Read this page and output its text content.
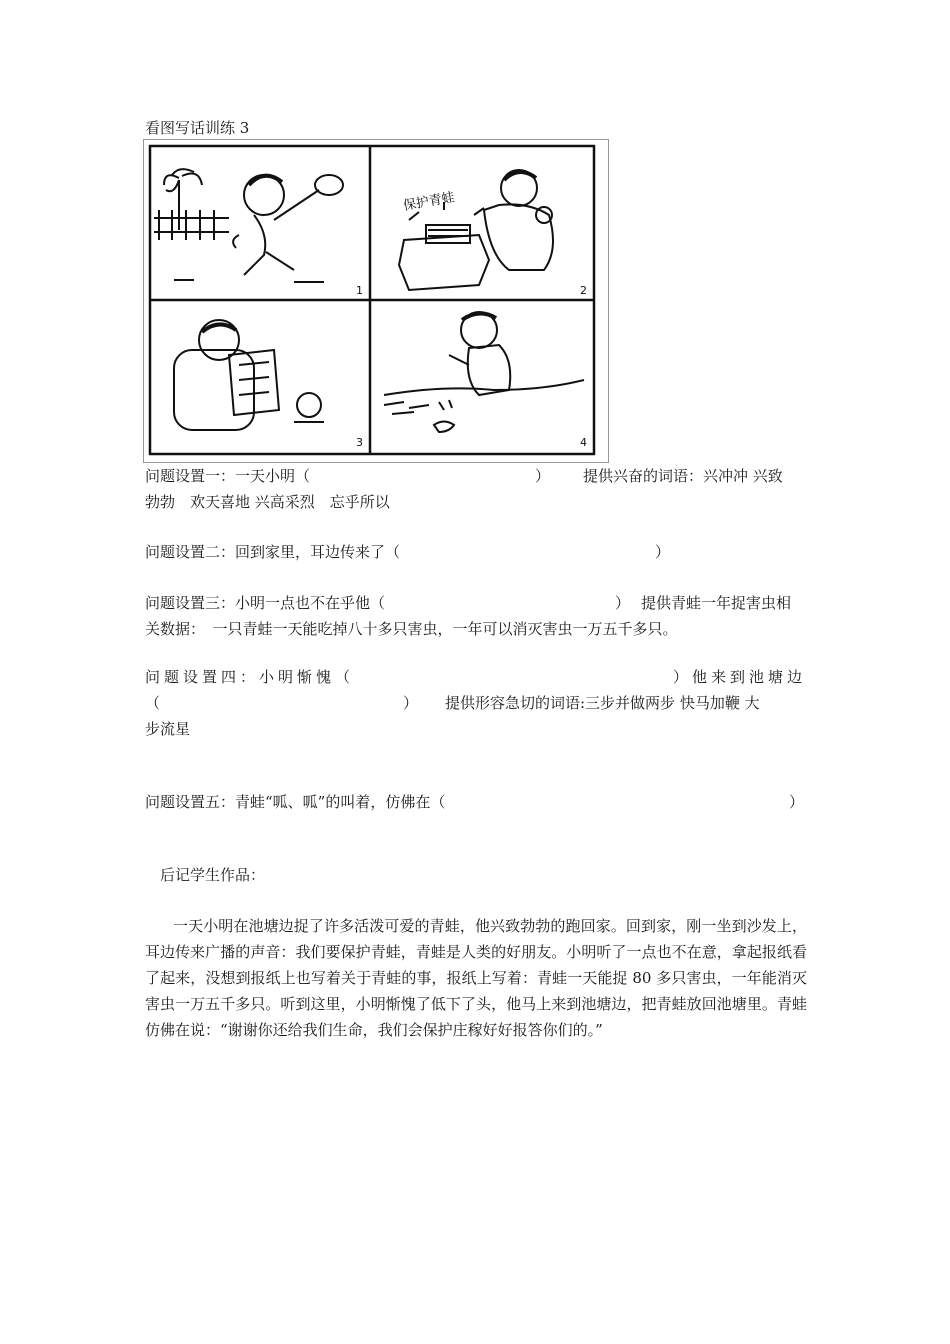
看图写话训练 3
1
保护青蛙
2
3	4
问题设置一：一天小明（	） 提供兴奋的词语：兴冲冲 兴致
勃勃　欢天喜地 兴高采烈　忘乎所以
问题设置二：回到家里，耳边传来了（	）
问题设置三：小明一点也不在乎他（	） 提供青蛙一年捉害虫相
关数据：　一只青蛙一天能吃掉八十多只害虫，一年可以消灭害虫一万五千多只。
问题设置四：小明惭愧（	）他来到池塘边
（	） 提供形容急切的词语:三步并做两步 快马加鞭 大
步流星
问题设置五：青蛙“呱、呱”的叫着，仿佛在（	）
后记学生作品：
一天小明在池塘边捉了许多活泼可爱的青蛙，他兴致勃勃的跑回家。回到家，刚一坐到沙发上，耳边传来广播的声音：我们要保护青蛙，青蛙是人类的好朋友。小明听了一点也不在意，拿起报纸看了起来，没想到报纸上也写着关于青蛙的事，报纸上写着：青蛙一天能捉 80 多只害虫，一年能消灭害虫一万五千多只。听到这里，小明惭愧了低下了头，他马上来到池塘边，把青蛙放回池塘里。青蛙仿佛在说：“谢谢你还给我们生命，我们会保护庄稼好好报答你们的。”
